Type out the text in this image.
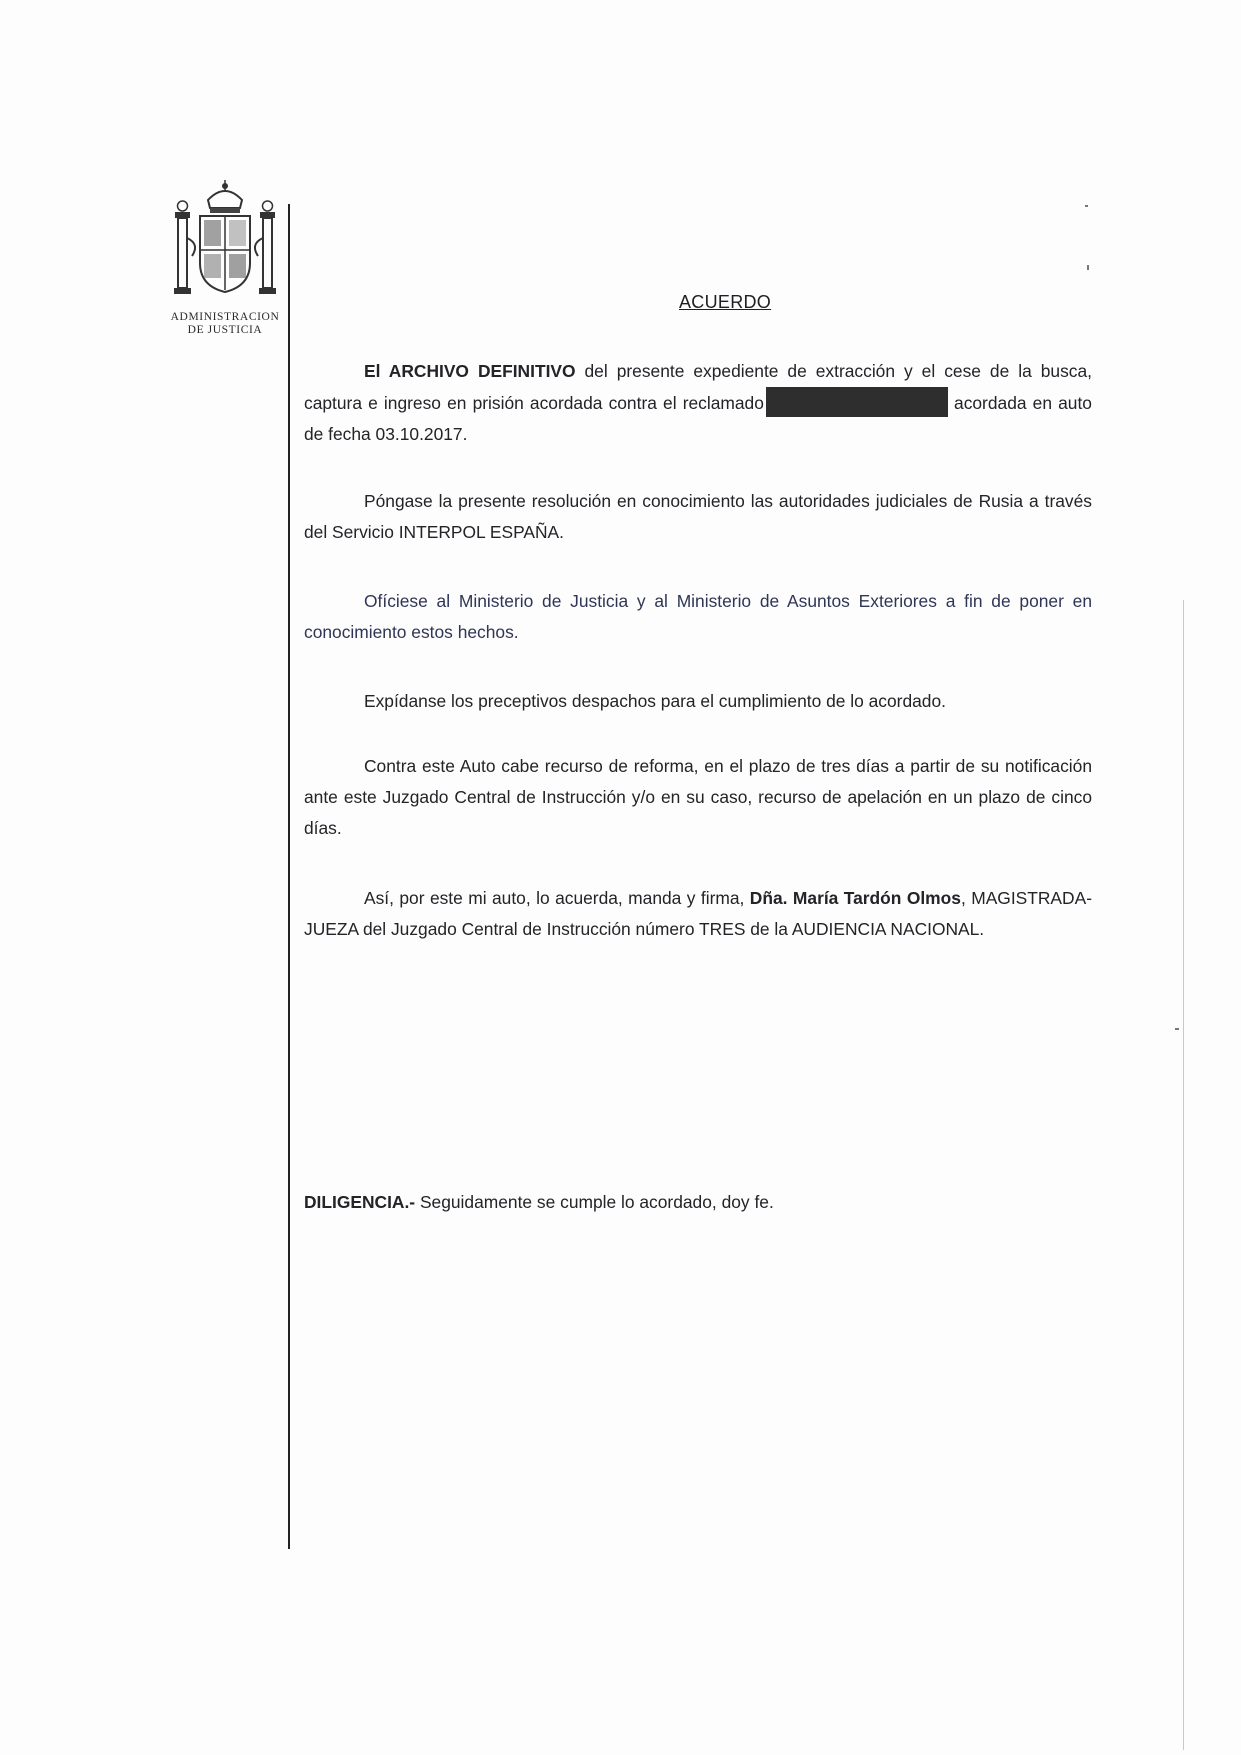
ADMINISTRACION
DE JUSTICIA
ACUERDO
El ARCHIVO DEFINITIVO del presente expediente de extracción y el cese de la busca, captura e ingreso en prisión acordada contra el reclamado	acordada en auto de fecha 03.10.2017.
Póngase la presente resolución en conocimiento las autoridades judiciales de Rusia a través del Servicio INTERPOL ESPAÑA.
Ofíciese al Ministerio de Justicia y al Ministerio de Asuntos Exteriores a fin de poner en conocimiento estos hechos.
Expídanse los preceptivos despachos para el cumplimiento de lo acordado.
Contra este Auto cabe recurso de reforma, en el plazo de tres días a partir de su notificación ante este Juzgado Central de Instrucción y/o en su caso, recurso de apelación en un plazo de cinco días.
Así, por este mi auto, lo acuerda, manda y firma, Dña. María Tardón Olmos, MAGISTRADA-JUEZA del Juzgado Central de Instrucción número TRES de la AUDIENCIA NACIONAL.
DILIGENCIA.- Seguidamente se cumple lo acordado, doy fe.
